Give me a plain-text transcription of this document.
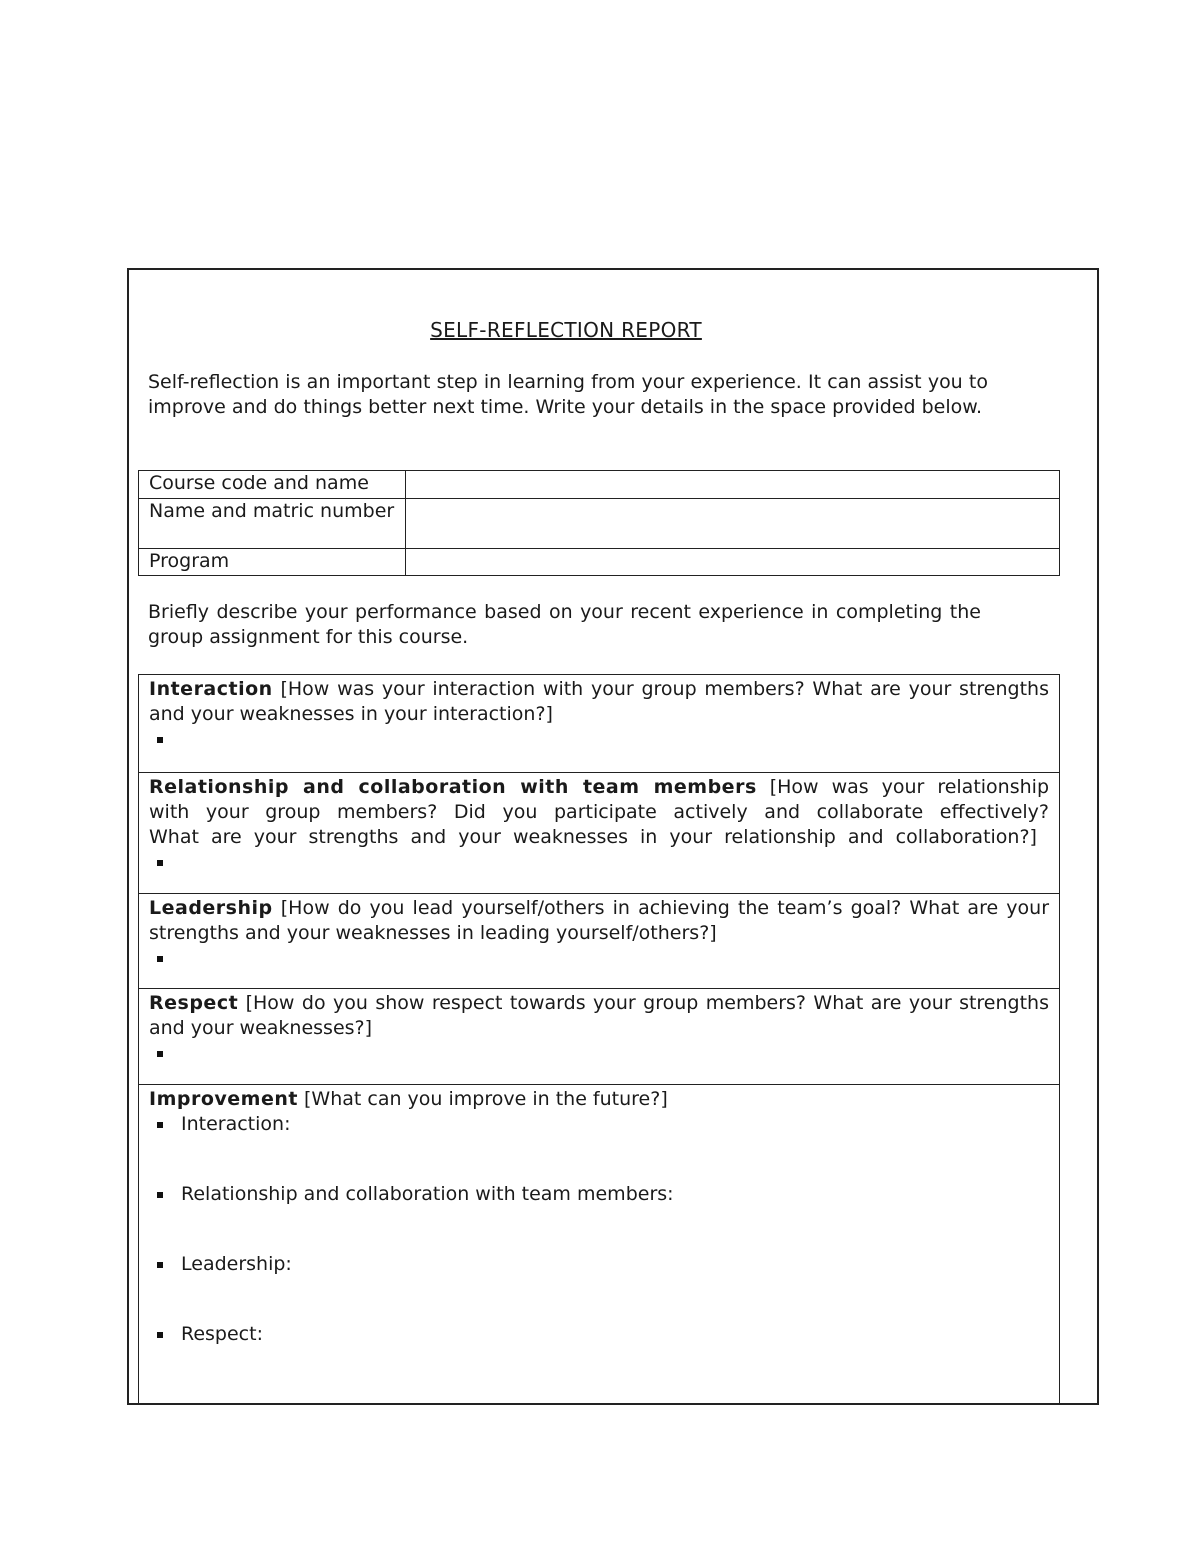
SELF-REFLECTION REPORT
Self-reflection is an important step in learning from your experience. It can assist you to improve and do things better next time. Write your details in the space provided below.
Course code and name	
Name and matric number	
Program	
Briefly describe your performance based on your recent experience in completing the group assignment for this course.
Interaction [How was your interaction with your group members? What are your strengths and your weaknesses in your interaction?]

Relationship and collaboration with team members [How was your relationship with your group members? Did you participate actively and collaborate effectively? What are your strengths and your weaknesses in your relationship and collaboration?]

Leadership [How do you lead yourself/others in achieving the team’s goal? What are your strengths and your weaknesses in leading yourself/others?]

Respect [How do you show respect towards your group members? What are your strengths and your weaknesses?]

Improvement [What can you improve in the future?]
Interaction:
Relationship and collaboration with team members:
Leadership:
Respect:
